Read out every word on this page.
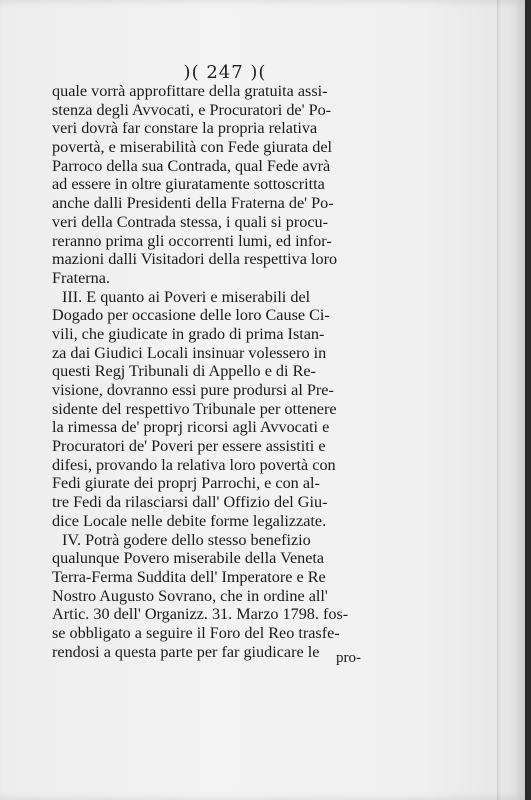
)( 247 )(
quale vorrà approfittare della gratuita assi-
stenza degli Avvocati, e Procuratori de' Po-
veri dovrà far constare la propria relativa
povertà, e miserabilità con Fede giurata del
Parroco della sua Contrada, qual Fede avrà
ad essere in oltre giuratamente sottoscritta
anche dalli Presidenti della Fraterna de' Po-
veri della Contrada stessa, i quali si procu-
reranno prima gli occorrenti lumi, ed infor-
mazioni dalli Visitadori della respettiva loro
Fraterna.
III. E quanto ai Poveri e miserabili del
Dogado per occasione delle loro Cause Ci-
vili, che giudicate in grado di prima Istan-
za dai Giudici Locali insinuar volessero in
questi Regj Tribunali di Appello e di Re-
visione, dovranno essi pure prodursi al Pre-
sidente del respettivo Tribunale per ottenere
la rimessa de' proprj ricorsi agli Avvocati e
Procuratori de' Poveri per essere assistiti e
difesi, provando la relativa loro povertà con
Fedi giurate dei proprj Parrochi, e con al-
tre Fedi da rilasciarsi dall' Offizio del Giu-
dice Locale nelle debite forme legalizzate.
IV. Potrà godere dello stesso benefizio
qualunque Povero miserabile della Veneta
Terra-Ferma Suddita dell' Imperatore e Re
Nostro Augusto Sovrano, che in ordine all'
Artic. 30 dell' Organizz. 31. Marzo 1798. fos-
se obbligato a seguire il Foro del Reo trasfe-
rendosi a questa parte per far giudicare le	pro-
